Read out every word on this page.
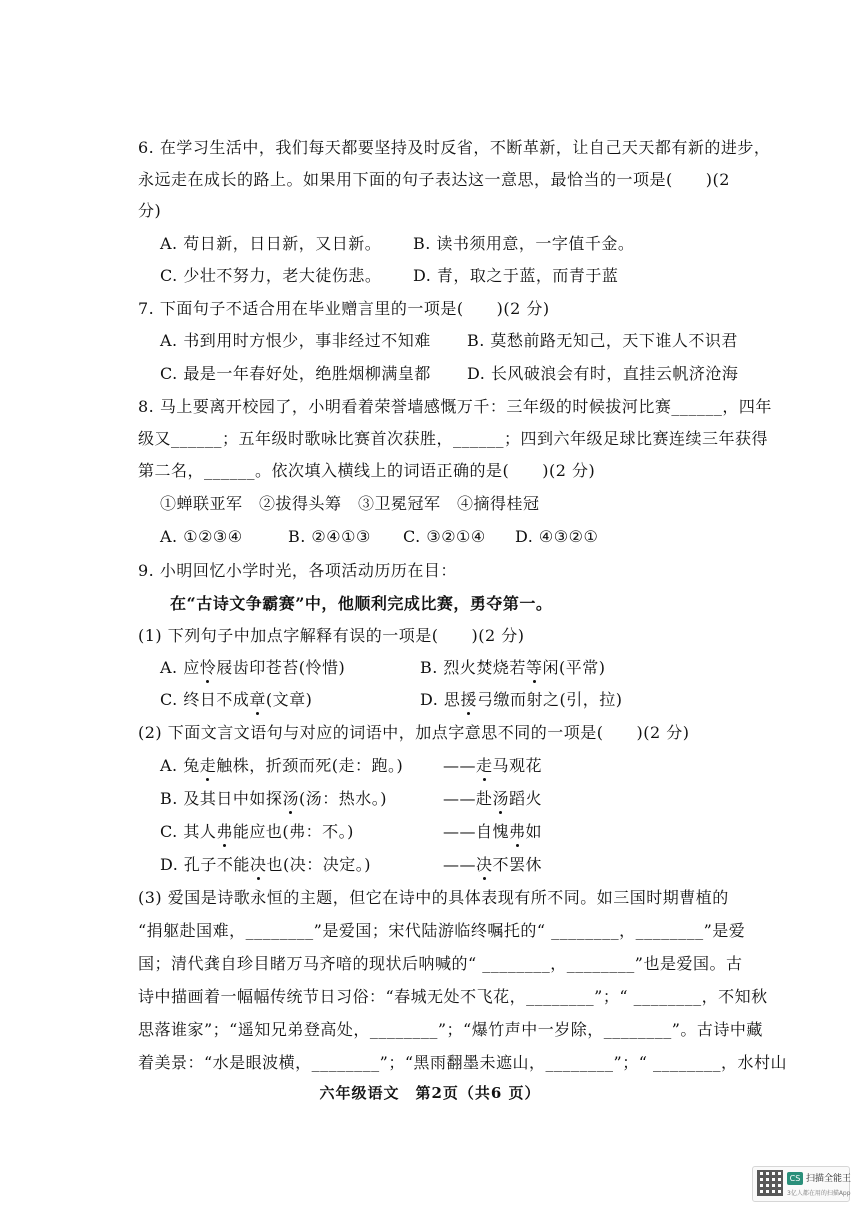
6. 在学习生活中，我们每天都要坚持及时反省，不断革新，让自己天天都有新的进步，
永远走在成长的路上。如果用下面的句子表达这一意思，最恰当的一项是(　　)(2
分)
A. 苟日新，日日新，又日新。 B. 读书须用意，一字值千金。
C. 少壮不努力，老大徒伤悲。 D. 青，取之于蓝，而青于蓝
7. 下面句子不适合用在毕业赠言里的一项是(　　)(2 分)
A. 书到用时方恨少，事非经过不知难 B. 莫愁前路无知己，天下谁人不识君
C. 最是一年春好处，绝胜烟柳满皇都 D. 长风破浪会有时，直挂云帆济沧海
8. 马上要离开校园了，小明看着荣誉墙感慨万千：三年级的时候拔河比赛______，四年
级又______；五年级时歌咏比赛首次获胜，______；四到六年级足球比赛连续三年获得
第二名，______。依次填入横线上的词语正确的是(　　)(2 分)
①蝉联亚军　②拔得头筹　③卫冕冠军　④摘得桂冠
A. ①②③④	B. ②④①③ C. ③②①④ D. ④③②①
9. 小明回忆小学时光，各项活动历历在目：
在“古诗文争霸赛”中，他顺利完成比赛，勇夺第一。
(1) 下列句子中加点字解释有误的一项是(　　)(2 分)
A. 应怜屐齿印苍苔(怜惜)	B. 烈火焚烧若等闲(平常)
C. 终日不成章(文章)	D. 思援弓缴而射之(引，拉)
(2) 下面文言文语句与对应的词语中，加点字意思不同的一项是(　　)(2 分)
A. 兔走触株，折颈而死(走：跑。) ——走马观花
B. 及其日中如探汤(汤：热水。)	——赴汤蹈火
C. 其人弗能应也(弗：不。)	——自愧弗如
D. 孔子不能决也(决：决定。)	——决不罢休
(3) 爱国是诗歌永恒的主题，但它在诗中的具体表现有所不同。如三国时期曹植的
“捐躯赴国难，________”是爱国；宋代陆游临终嘱托的“ ________，________”是爱
国；清代龚自珍目睹万马齐喑的现状后呐喊的“ ________，________”也是爱国。古
诗中描画着一幅幅传统节日习俗：“春城无处不飞花，________”；“ ________，不知秋
思落谁家”；“遥知兄弟登高处，________”；“爆竹声中一岁除，________”。古诗中藏
着美景：“水是眼波横，________”；“黑雨翻墨未遮山，________”；“ ________，水村山
六年级语文　第2页（共6 页）
CS 扫描全能王
3亿人都在用的扫描App
